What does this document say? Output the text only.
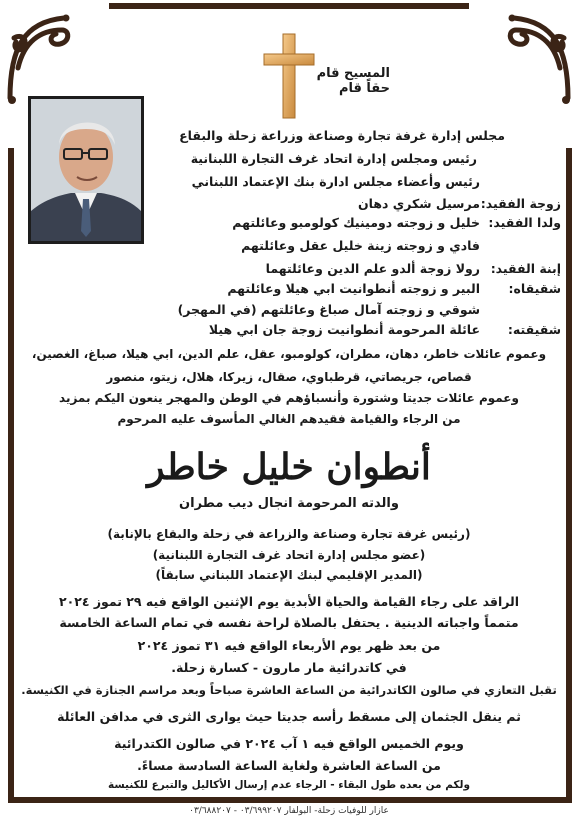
المسيح قام حقاً قام
مجلس إدارة غرفة تجارة وصناعة وزراعة زحلة والبقاع
رئيس ومجلس إدارة اتحاد غرف التجارة اللبنانية
رئيس وأعضاء مجلس ادارة بنك الإعتماد اللبناني
زوجة الفقيد:
مرسيل شكري دهان
ولدا الفقيد:
خليل و زوجته دومينيك كولومبو وعائلتهم
فادي و زوجته زينة خليل عقل وعائلتهم
إبنة الفقيد:
رولا زوجة ألدو علم الدين وعائلتهما
شقيقاه:
البير و زوجته أنطوانيت ابي هيلا وعائلتهم
شوقي و زوجته آمال صباغ وعائلتهم (في المهجر)
شقيقته:
عائلة المرحومة أنطوانيت زوجة جان ابي هيلا
وعموم عائلات خاطر، دهان، مطران، كولومبو، عقل، علم الدين، ابي هيلا، صباغ، الغصين،
قصاص، جريصاتي، قرطباوي، صقال، زيركا، هلال، زيتو، منصور
وعموم عائلات جديتا وشتورة وأنسباؤهم في الوطن والمهجر ينعون اليكم بمزيد
من الرجاء والقيامة فقيدهم الغالي المأسوف عليه المرحوم
أنطوان خليل خاطر
والدته المرحومة انجال ديب مطران
(رئيس غرفة تجارة وصناعة والزراعة في زحلة والبقاع بالإنابة)
(عضو مجلس إدارة اتحاد غرف التجارة اللبنانية)
(المدير الإقليمي لبنك الإعتماد اللبناني سابقاً)
الراقد على رجاء القيامة والحياة الأبدية يوم الإثنين الواقع فيه ٢٩ تموز ٢٠٢٤
متمماً واجباته الدينية . يحتفل بالصلاة لراحة نفسه في تمام الساعة الخامسة
من بعد ظهر يوم الأربعاء الواقع فيه ٣١ تموز ٢٠٢٤
في كاتدرائية مار مارون - كسارة زحلة.
تقبل التعازي في صالون الكاتدرائية من الساعة العاشرة صباحاً وبعد مراسم الجنازة في الكنيسة.
ثم ينقل الجثمان إلى مسقط رأسه جديتا حيث يوارى الثرى في مدافن العائلة
ويوم الخميس الواقع فيه ١ آب ٢٠٢٤ في صالون الكتدرائية
من الساعة العاشرة ولغاية الساعة السادسة مساءً.
ولكم من بعده طول البقاء - الرجاء عدم إرسال الأكاليل والتبرع للكنيسة
عازار للوفيات زحلة- البولفار ٠٣/٦٩٩٢٠٧ - ٠٣/٦٨٨٢٠٧
